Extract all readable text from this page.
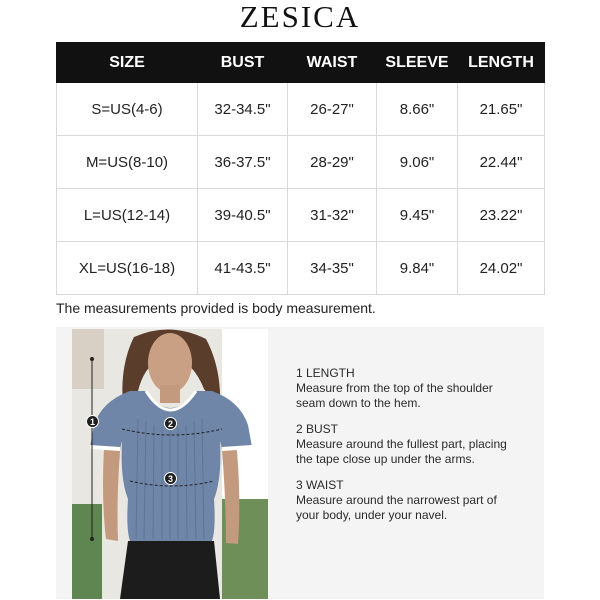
ZESICA
SIZE	BUST	WAIST	SLEEVE	LENGTH
S=US(4-6)	32-34.5"	26-27"	8.66"	21.65"
M=US(8-10)	36-37.5"	28-29"	9.06"	22.44"
L=US(12-14)	39-40.5"	31-32"	9.45"	23.22"
XL=US(16-18)	41-43.5"	34-35"	9.84"	24.02"
The measurements provided is body measurement.
1	2
3
1 LENGTH
Measure from the top of the shoulder
seam down to the hem.
2 BUST
Measure around the fullest part, placing
the tape close up under the arms.
3 WAIST
Measure around the narrowest part of
your body, under your navel.
